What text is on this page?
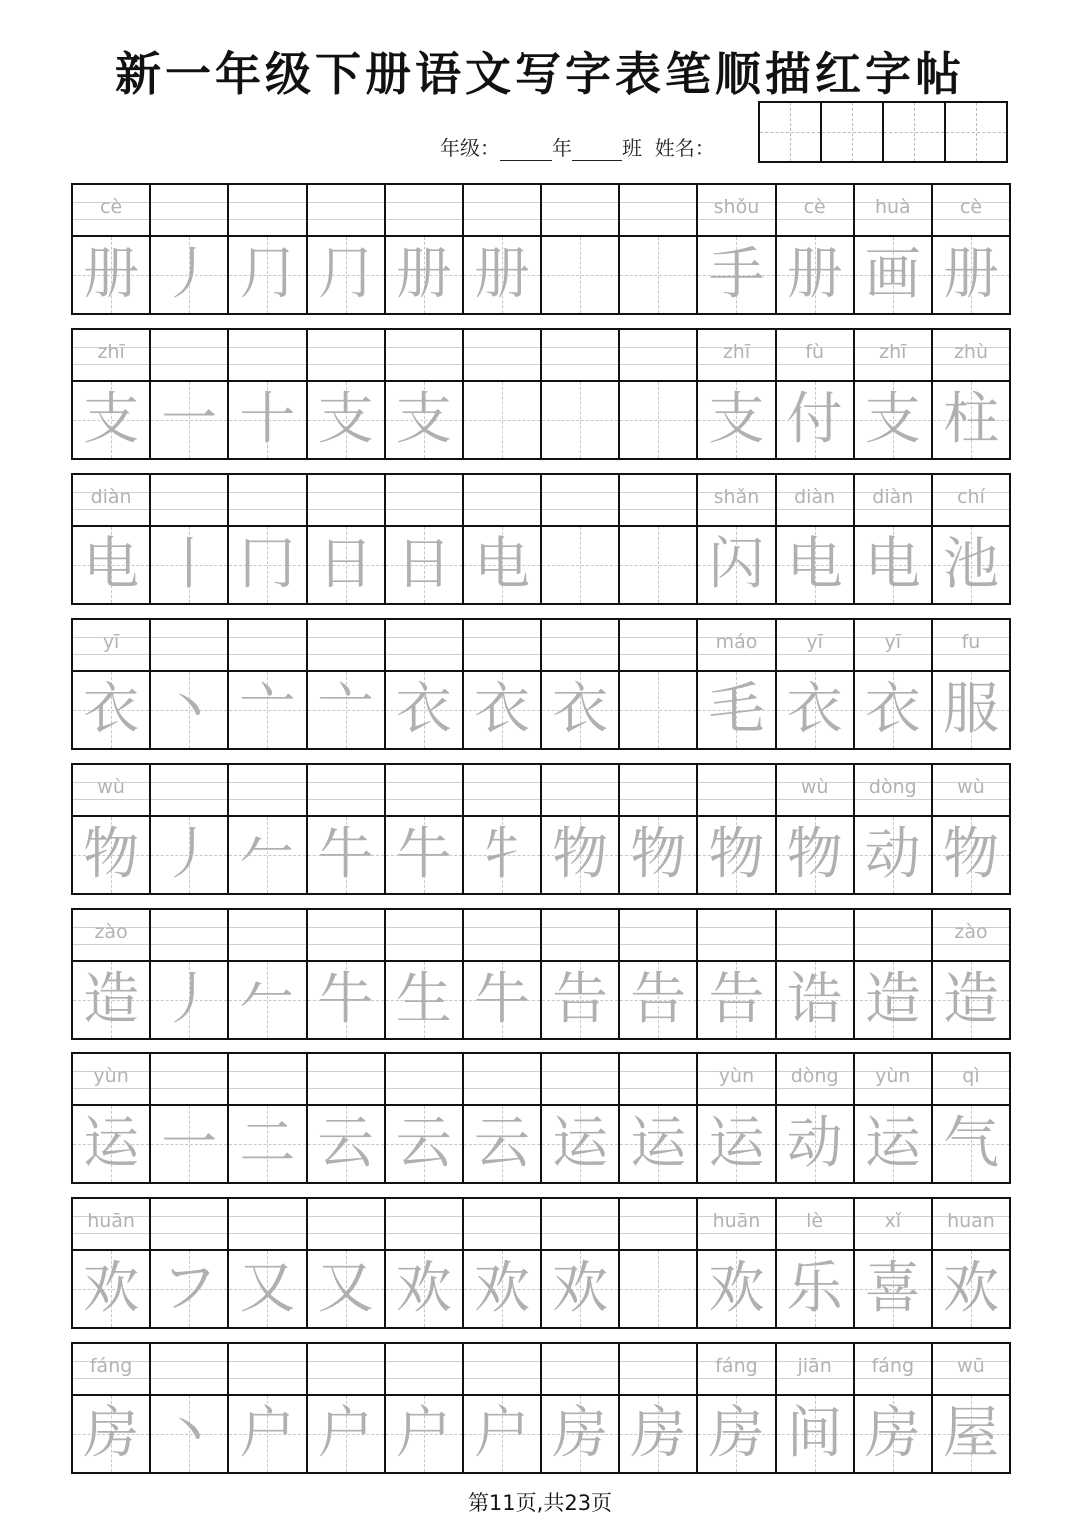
新一年级下册语文写字表笔顺描红字帖
年级：	年	班 姓名：
cè
册 丿 ⺆ ⺆ 册 册
shǒu
手
cè
册
huà
画
cè
册
zhī
支 一 十 支 支
zhī
支
fù
付
zhī
支
zhù
柱
diàn
电 丨 冂 日 日 电
shǎn
闪
diàn
电
diàn
电
chí
池
yī
衣 丶 亠 亠 衣 衣 衣
máo
毛
yī
衣
yī
衣
fu
服
wù
物 丿 𠂉 牛 牛 牜 物 物 物
wù
物
dòng
动
wù
物
zào
造 丿 𠂉 牛 生 牛 告 告 告 诰 造
zào
造
yùn
运 一 二 云 云 云 运 运
yùn
运
dòng
动
yùn
运
qì
气
huān
欢 フ 又 又 欢 欢 欢
huān
欢
lè
乐
xǐ
喜
huan
欢
fáng
房 丶 户 户 户 户 房 房
fáng
房
jiān
间
fáng
房
wū
屋
第11页,共23页
